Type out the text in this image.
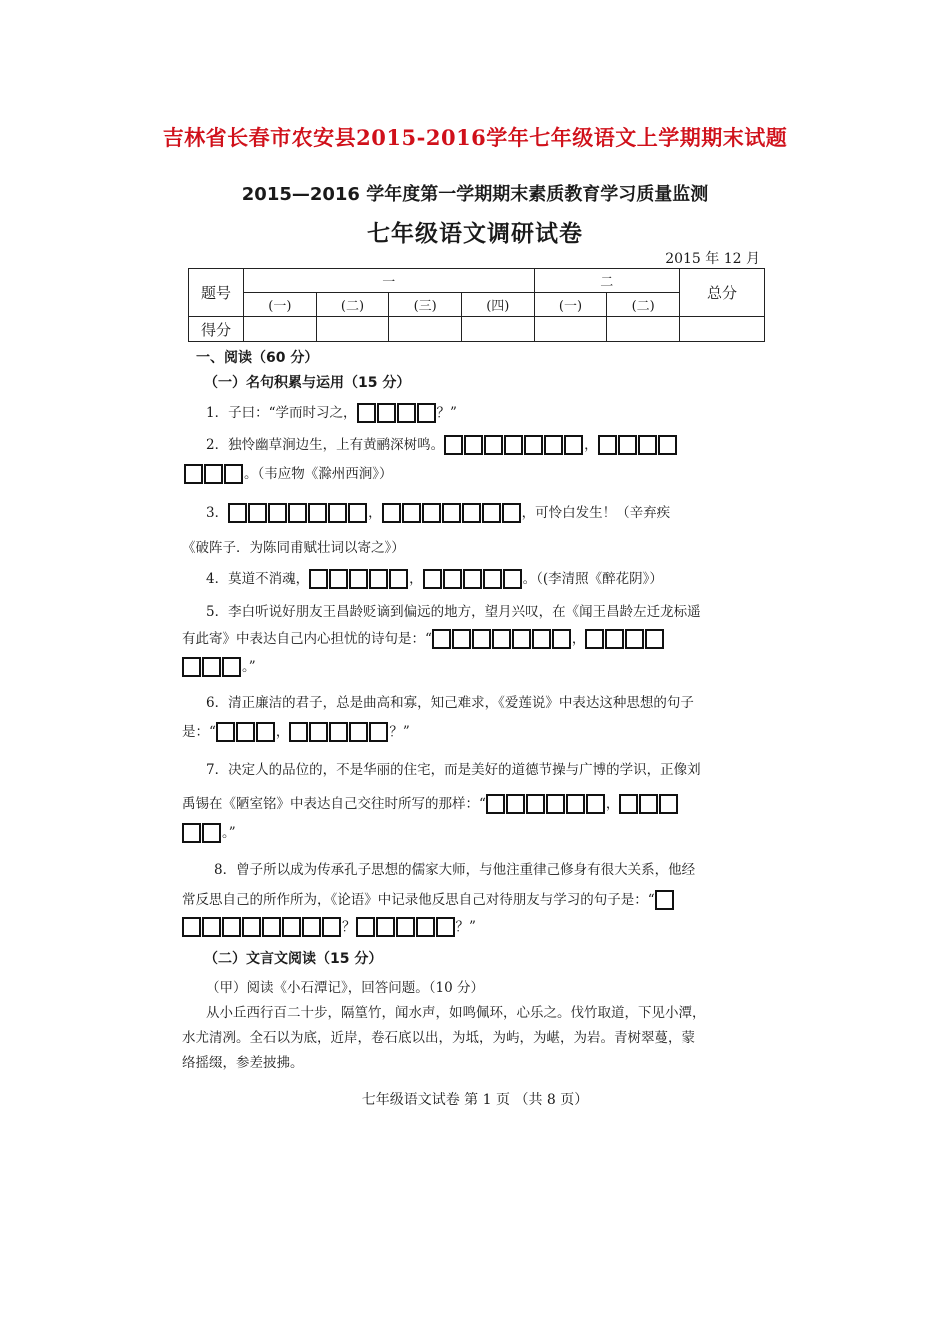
吉林省长春市农安县2015-2016学年七年级语文上学期期末试题
2015—2016 学年度第一学期期末素质教育学习质量监测
七年级语文调研试卷
2015 年 12 月
题号	一				二		总分
	(一)	(二)	(三)	(四)	(一)	(二)	
得分							
一、阅读（60 分）
（一）名句积累与运用（15 分）
1．子曰：“学而时习之，	？”
2．独怜幽草涧边生，上有黄鹂深树鸣。	，
。（韦应物《滁州西涧》）
3．	，	，可怜白发生！（辛弃疾
《破阵子．为陈同甫赋壮词以寄之》）
4．莫道不消魂，	，	。（(李清照《醉花阴》）
5．李白听说好朋友王昌龄贬谪到偏远的地方，望月兴叹，在《闻王昌龄左迁龙标遥
有此寄》中表达自己内心担忧的诗句是：“	，
。”
6．清正廉洁的君子，总是曲高和寡，知己难求，《爱莲说》中表达这种思想的句子
是：“	，	？”
7．决定人的品位的，不是华丽的住宅，而是美好的道德节操与广博的学识，正像刘
禹锡在《陋室铭》中表达自己交往时所写的那样：“	，
。”
8．曾子所以成为传承孔子思想的儒家大师，与他注重律己修身有很大关系，他经
常反思自己的所作所为，《论语》中记录他反思自己对待朋友与学习的句子是：“
？	？”
（二）文言文阅读（15 分）
（甲）阅读《小石潭记》，回答问题。（10 分）
从小丘西行百二十步，隔篁竹，闻水声，如鸣佩环，心乐之。伐竹取道，下见小潭，
水尤清冽。全石以为底，近岸，卷石底以出，为坻，为屿，为嵁，为岩。青树翠蔓，蒙
络摇缀，参差披拂。
七年级语文试卷 第 1 页 （共 8 页）
